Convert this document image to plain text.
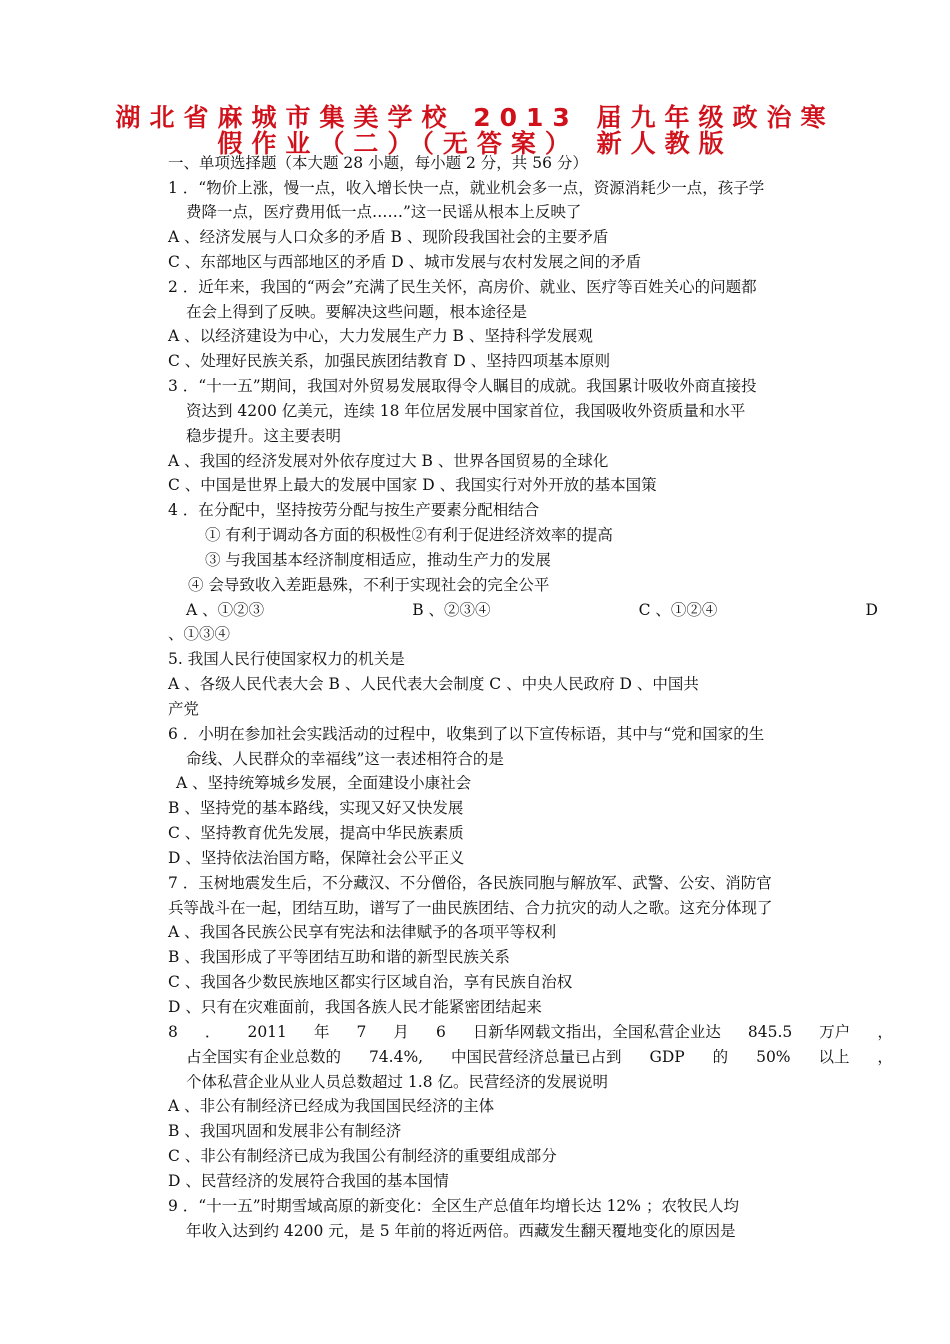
湖北省麻城市集美学校 2013 届九年级政治寒
假作业（二）（无答案） 新人教版
一、单项选择题（本大题 28 小题，每小题 2 分，共 56 分）
1 ．“物价上涨，慢一点，收入增长快一点，就业机会多一点，资源消耗少一点，孩子学
费降一点，医疗费用低一点……”这一民谣从根本上反映了
A 、经济发展与人口众多的矛盾 B 、现阶段我国社会的主要矛盾
C 、东部地区与西部地区的矛盾 D 、城市发展与农村发展之间的矛盾
2 ．近年来，我国的“两会”充满了民生关怀，高房价、就业、医疗等百姓关心的问题都
在会上得到了反映。要解决这些问题，根本途径是
A 、以经济建设为中心，大力发展生产力 B 、坚持科学发展观
C 、处理好民族关系，加强民族团结教育 D 、坚持四项基本原则
3 ．“十一五”期间，我国对外贸易发展取得令人瞩目的成就。我国累计吸收外商直接投
资达到 4200 亿美元，连续 18 年位居发展中国家首位，我国吸收外资质量和水平
稳步提升。这主要表明
A 、我国的经济发展对外依存度过大 B 、世界各国贸易的全球化
C 、中国是世界上最大的发展中国家 D 、我国实行对外开放的基本国策
4 ．在分配中，坚持按劳分配与按生产要素分配相结合
① 有利于调动各方面的积极性②有利于促进经济效率的提高
③ 与我国基本经济制度相适应，推动生产力的发展
④ 会导致收入差距悬殊，不利于实现社会的完全公平
A 、①②③	B 、②③④	C 、①②④	D
、①③④
5. 我国人民行使国家权力的机关是
A 、各级人民代表大会 B 、人民代表大会制度 C 、中央人民政府 D 、中国共
产党
6 ．小明在参加社会实践活动的过程中，收集到了以下宣传标语，其中与“党和国家的生
命线、人民群众的幸福线”这一表述相符合的是
A 、坚持统筹城乡发展，全面建设小康社会
B 、坚持党的基本路线，实现又好又快发展
C 、坚持教育优先发展，提高中华民族素质
D 、坚持依法治国方略，保障社会公平正义
7 ．玉树地震发生后，不分藏汉、不分僧俗，各民族同胞与解放军、武警、公安、消防官
兵等战斗在一起，团结互助，谱写了一曲民族团结、合力抗灾的动人之歌。这充分体现了
A 、我国各民族公民享有宪法和法律赋予的各项平等权利
B 、我国形成了平等团结互助和谐的新型民族关系
C 、我国各少数民族地区都实行区域自治，享有民族自治权
D 、只有在灾难面前，我国各族人民才能紧密团结起来
8 ． 2011 年 7 月 6 日新华网载文指出，全国私营企业达 845.5 万户 ，
占全国实有企业总数的 74.4%, 中国民营经济总量已占到 GDP 的 50% 以上 ，
个体私营企业从业人员总数超过 1.8 亿。民营经济的发展说明
A 、非公有制经济已经成为我国国民经济的主体
B 、我国巩固和发展非公有制经济
C 、非公有制经济已成为我国公有制经济的重要组成部分
D 、民营经济的发展符合我国的基本国情
9 ．“十一五”时期雪域高原的新变化：全区生产总值年均增长达 12% ；农牧民人均
年收入达到约 4200 元，是 5 年前的将近两倍。西藏发生翻天覆地变化的原因是
